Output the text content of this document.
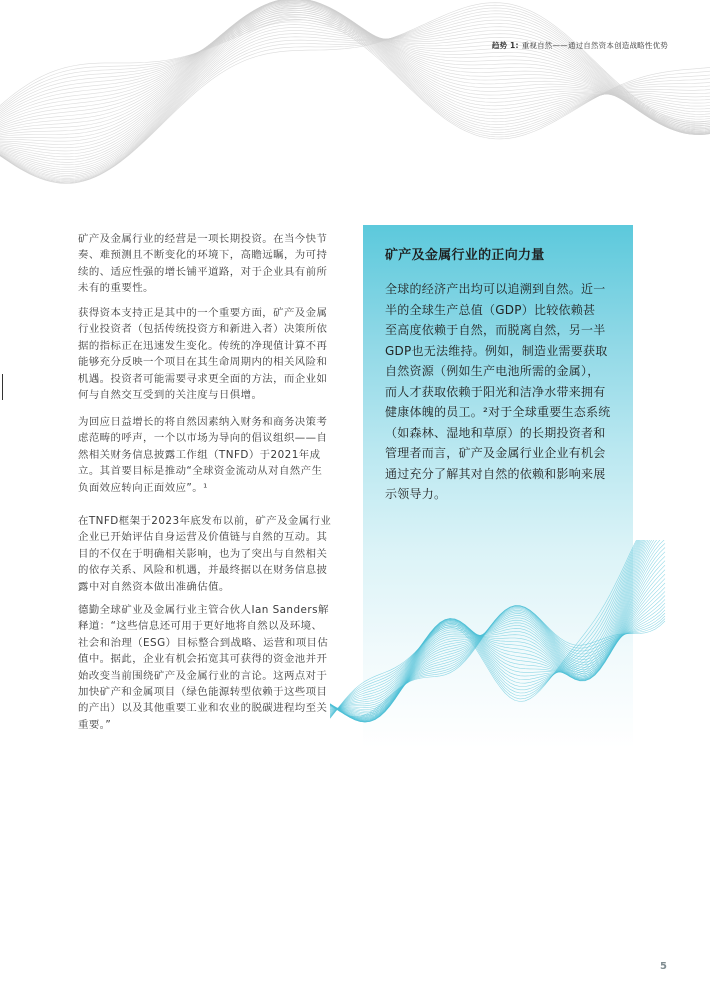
趋势 1: 重视自然——通过自然资本创造战略性优势
矿产及金属行业的经营是一项长期投资。在当今快节
奏、难预测且不断变化的环境下，高瞻远瞩，为可持
续的、适应性强的增长铺平道路，对于企业具有前所
未有的重要性。
获得资本支持正是其中的一个重要方面，矿产及金属
行业投资者（包括传统投资方和新进入者）决策所依
据的指标正在迅速发生变化。传统的净现值计算不再
能够充分反映一个项目在其生命周期内的相关风险和
机遇。投资者可能需要寻求更全面的方法，而企业如
何与自然交互受到的关注度与日俱增。
为回应日益增长的将自然因素纳入财务和商务决策考
虑范畴的呼声，一个以市场为导向的倡议组织——自
然相关财务信息披露工作组（TNFD）于2021年成
立。其首要目标是推动“全球资金流动从对自然产生
负面效应转向正面效应”。¹
在TNFD框架于2023年底发布以前，矿产及金属行业
企业已开始评估自身运营及价值链与自然的互动。其
目的不仅在于明确相关影响，也为了突出与自然相关
的依存关系、风险和机遇，并最终据以在财务信息披
露中对自然资本做出准确估值。
德勤全球矿业及金属行业主管合伙人Ian Sanders解
释道：“这些信息还可用于更好地将自然以及环境、
社会和治理（ESG）目标整合到战略、运营和项目估
值中。据此，企业有机会拓宽其可获得的资金池并开
始改变当前围绕矿产及金属行业的言论。这两点对于
加快矿产和金属项目（绿色能源转型依赖于这些项目
的产出）以及其他重要工业和农业的脱碳进程均至关
重要。”
矿产及金属行业的正向力量
全球的经济产出均可以追溯到自然。近一
半的全球生产总值（GDP）比较依赖甚
至高度依赖于自然，而脱离自然，另一半
GDP也无法维持。例如，制造业需要获取
自然资源（例如生产电池所需的金属），
而人才获取依赖于阳光和洁净水带来拥有
健康体魄的员工。²对于全球重要生态系统
（如森林、湿地和草原）的长期投资者和
管理者而言，矿产及金属行业企业有机会
通过充分了解其对自然的依赖和影响来展
示领导力。
5
